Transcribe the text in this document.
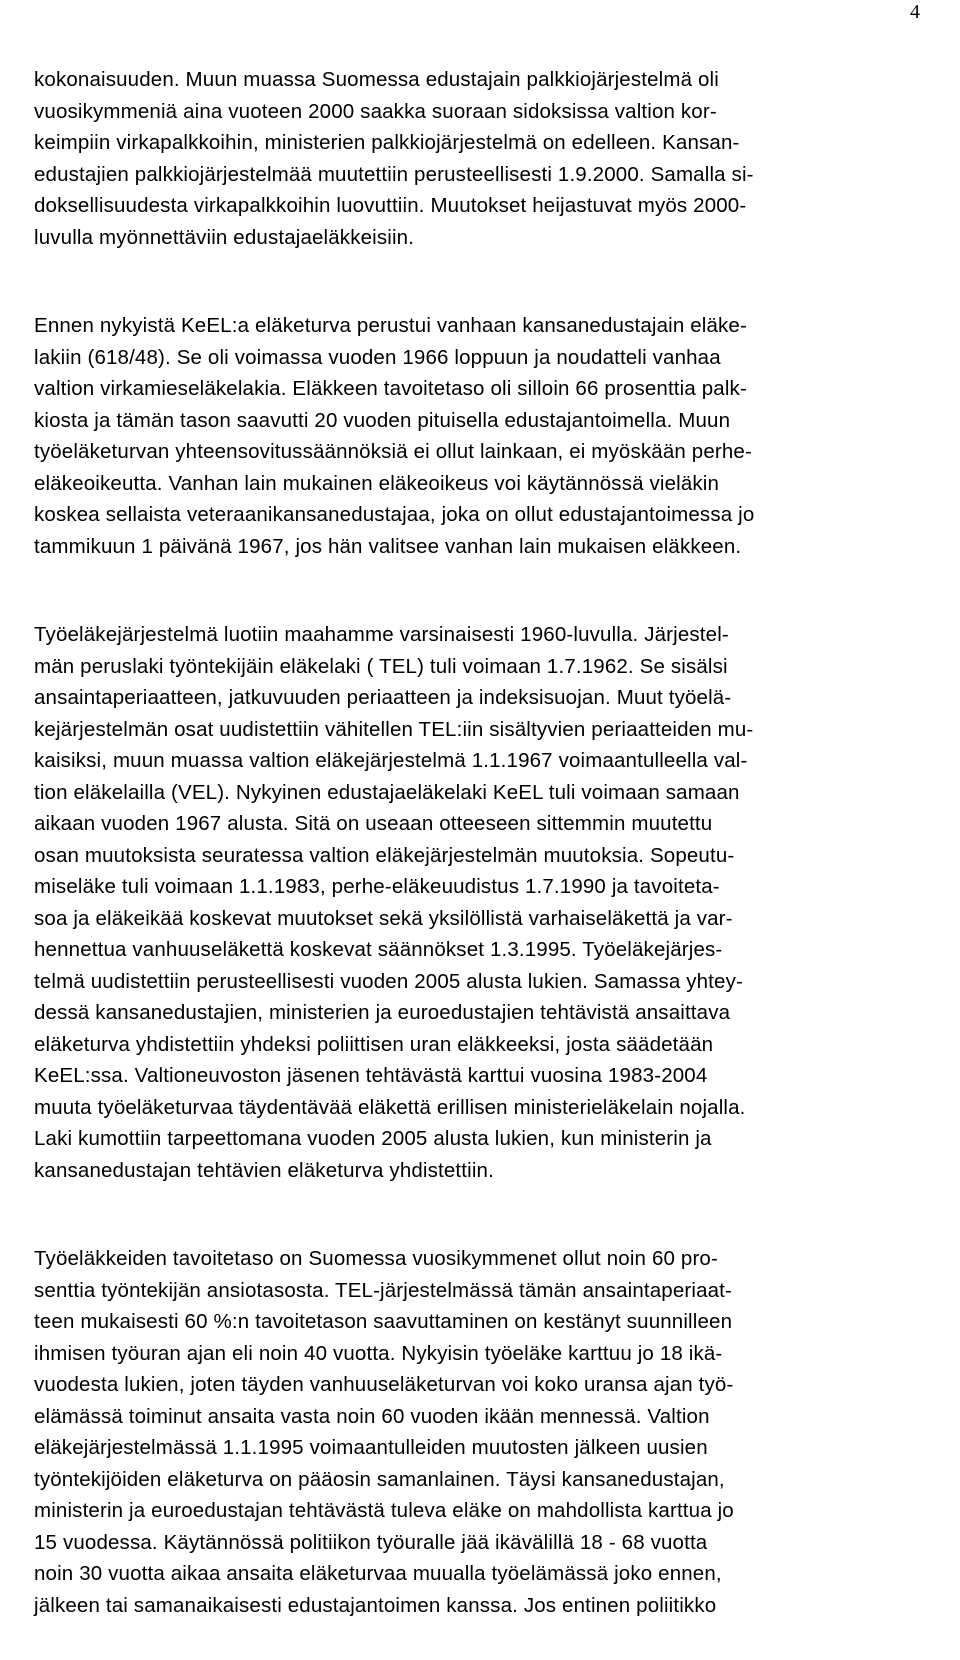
4
kokonaisuuden. Muun muassa Suomessa edustajain palkkiojärjestelmä oli
vuosikymmeniä aina vuoteen 2000 saakka suoraan sidoksissa valtion kor-
keimpiin virkapalkkoihin, ministerien palkkiojärjestelmä on edelleen. Kansan-
edustajien palkkiojärjestelmää muutettiin perusteellisesti 1.9.2000. Samalla si-
doksellisuudesta virkapalkkoihin luovuttiin. Muutokset heijastuvat myös 2000-
luvulla myönnettäviin edustajaeläkkeisiin.
Ennen nykyistä KeEL:a eläketurva perustui vanhaan kansanedustajain eläke-
lakiin (618/48). Se oli voimassa vuoden 1966 loppuun ja noudatteli vanhaa
valtion virkamieseläkelakia. Eläkkeen tavoitetaso oli silloin 66 prosenttia palk-
kiosta ja tämän tason saavutti 20 vuoden pituisella edustajantoimella. Muun
työeläketurvan yhteensovitussäännöksiä ei ollut lainkaan, ei myöskään perhe-
eläkeoikeutta. Vanhan lain mukainen eläkeoikeus voi käytännössä vieläkin
koskea sellaista veteraanikansanedustajaa, joka on ollut edustajantoimessa jo
tammikuun 1 päivänä 1967, jos hän valitsee vanhan lain mukaisen eläkkeen.
Työeläkejärjestelmä luotiin maahamme varsinaisesti 1960-luvulla. Järjestel-
män peruslaki työntekijäin eläkelaki ( TEL) tuli voimaan 1.7.1962. Se sisälsi
ansaintaperiaatteen, jatkuvuuden periaatteen ja indeksisuojan. Muut työelä-
kejärjestelmän osat uudistettiin vähitellen TEL:iin sisältyvien periaatteiden mu-
kaisiksi, muun muassa valtion eläkejärjestelmä 1.1.1967 voimaantulleella val-
tion eläkelailla (VEL). Nykyinen edustajaeläkelaki KeEL tuli voimaan samaan
aikaan vuoden 1967 alusta. Sitä on useaan otteeseen sittemmin muutettu
osan muutoksista seuratessa valtion eläkejärjestelmän muutoksia. Sopeutu-
miseläke tuli voimaan 1.1.1983, perhe-eläkeuudistus 1.7.1990 ja tavoiteta-
soa ja eläkeikää koskevat muutokset sekä yksilöllistä varhaiseläkettä ja var-
hennettua vanhuuseläkettä koskevat säännökset 1.3.1995. Työeläkejärjes-
telmä uudistettiin perusteellisesti vuoden 2005 alusta lukien. Samassa yhtey-
dessä kansanedustajien, ministerien ja euroedustajien tehtävistä ansaittava
eläketurva yhdistettiin yhdeksi poliittisen uran eläkkeeksi, josta säädetään
KeEL:ssa. Valtioneuvoston jäsenen tehtävästä karttui vuosina 1983-2004
muuta työeläketurvaa täydentävää eläkettä erillisen ministerieläkelain nojalla.
Laki kumottiin tarpeettomana vuoden 2005 alusta lukien, kun ministerin ja
kansanedustajan tehtävien eläketurva yhdistettiin.
Työeläkkeiden tavoitetaso on Suomessa vuosikymmenet ollut noin 60 pro-
senttia työntekijän ansiotasosta. TEL-järjestelmässä tämän ansaintaperiaat-
teen mukaisesti 60 %:n tavoitetason saavuttaminen on kestänyt suunnilleen
ihmisen työuran ajan eli noin 40 vuotta. Nykyisin työeläke karttuu jo 18 ikä-
vuodesta lukien, joten täyden vanhuuseläketurvan voi koko uransa ajan työ-
elämässä toiminut ansaita vasta noin 60 vuoden ikään mennessä. Valtion
eläkejärjestelmässä 1.1.1995 voimaantulleiden muutosten jälkeen uusien
työntekijöiden eläketurva on pääosin samanlainen. Täysi kansanedustajan,
ministerin ja euroedustajan tehtävästä tuleva eläke on mahdollista karttua jo
15 vuodessa. Käytännössä politiikon työuralle jää ikävälillä 18 - 68 vuotta
noin 30 vuotta aikaa ansaita eläketurvaa muualla työelämässä joko ennen,
jälkeen tai samanaikaisesti edustajantoimen kanssa. Jos entinen poliitikko
